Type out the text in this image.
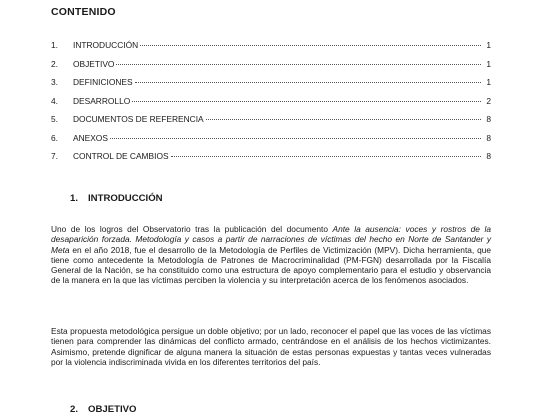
CONTENIDO
1.	INTRODUCCIÓN	1
2.	OBJETIVO	1
3.	DEFINICIONES	1
4.	DESARROLLO	2
5.	DOCUMENTOS DE REFERENCIA	8
6.	ANEXOS	8
7.	CONTROL DE CAMBIOS	8
1.	INTRODUCCIÓN

Uno de los logros del Observatorio tras la publicación del documento Ante la ausencia: voces y rostros de la desaparición forzada. Metodología y casos a partir de narraciones de víctimas del hecho en Norte de Santander y Meta en el año 2018, fue el desarrollo de la Metodología de Perfiles de Victimización (MPV). Dicha herramienta, que tiene como antecedente la Metodología de Patrones de Macrocriminalidad (PM-FGN) desarrollada por la Fiscalía General de la Nación, se ha constituido como una estructura de apoyo complementario para el estudio y observancia de la manera en la que las víctimas perciben la violencia y su interpretación acerca de los fenómenos asociados.

Esta propuesta metodológica persigue un doble objetivo; por un lado, reconocer el papel que las voces de las víctimas tienen para comprender las dinámicas del conflicto armado, centrándose en el análisis de los hechos victimizantes. Asimismo, pretende dignificar de alguna manera la situación de estas personas expuestas y tantas veces vulneradas por la violencia indiscriminada vivida en los diferentes territorios del país.

2.	OBJETIVO
